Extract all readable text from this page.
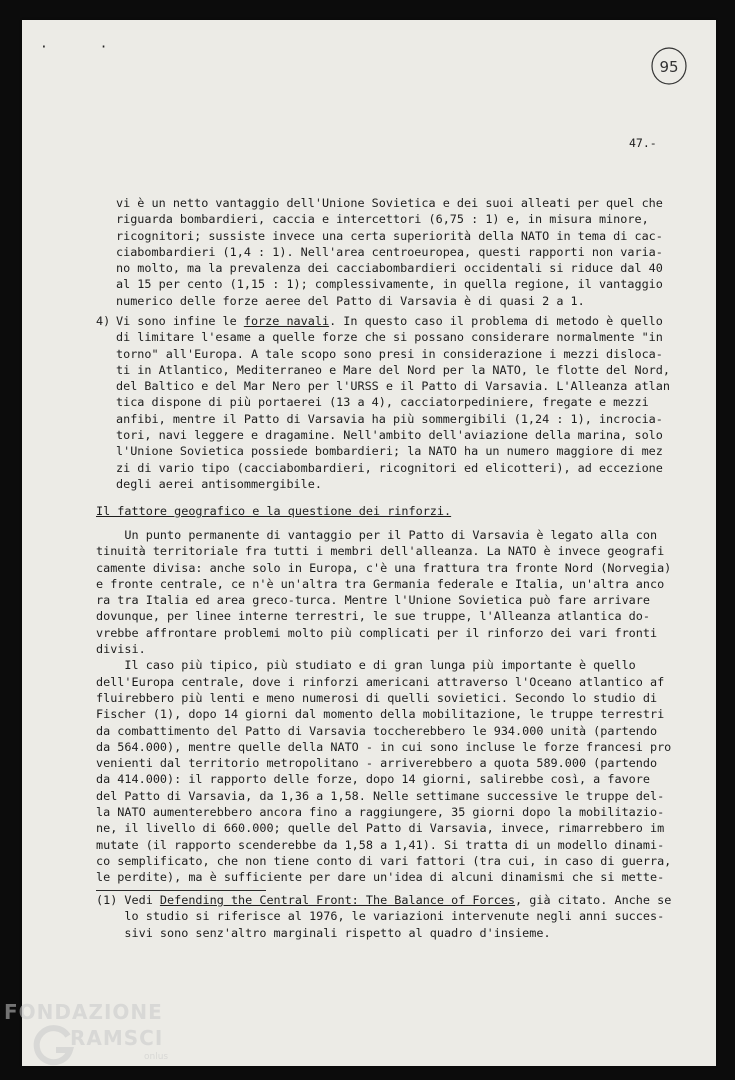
· ·
95
47.-
vi è un netto vantaggio dell'Unione Sovietica e dei suoi alleati per quel che
riguarda bombardieri, caccia e intercettori (6,75 : 1) e, in misura minore,
ricognitori; sussiste invece una certa superiorità della NATO in tema di cac-
ciabombardieri (1,4 : 1). Nell'area centroeuropea, questi rapporti non varia-
no molto, ma la prevalenza dei cacciabombardieri occidentali si riduce dal 40
al 15 per cento (1,15 : 1); complessivamente, in quella regione, il vantaggio
numerico delle forze aeree del Patto di Varsavia è di quasi 2 a 1.
4) Vi sono infine le forze navali. In questo caso il problema di metodo è quello
di limitare l'esame a quelle forze che si possano considerare normalmente "in
torno" all'Europa. A tale scopo sono presi in considerazione i mezzi disloca-
ti in Atlantico, Mediterraneo e Mare del Nord per la NATO, le flotte del Nord,
del Baltico e del Mar Nero per l'URSS e il Patto di Varsavia. L'Alleanza atlan
tica dispone di più portaerei (13 a 4), cacciatorpediniere, fregate e mezzi
anfibi, mentre il Patto di Varsavia ha più sommergibili (1,24 : 1), incrocia-
tori, navi leggere e dragamine. Nell'ambito dell'aviazione della marina, solo
l'Unione Sovietica possiede bombardieri; la NATO ha un numero maggiore di mez
zi di vario tipo (cacciabombardieri, ricognitori ed elicotteri), ad eccezione
degli aerei antisommergibile.
Il fattore geografico e la questione dei rinforzi.
Un punto permanente di vantaggio per il Patto di Varsavia è legato alla con
tinuità territoriale fra tutti i membri dell'alleanza. La NATO è invece geografi
camente divisa: anche solo in Europa, c'è una frattura tra fronte Nord (Norvegia)
e fronte centrale, ce n'è un'altra tra Germania federale e Italia, un'altra anco
ra tra Italia ed area greco-turca. Mentre l'Unione Sovietica può fare arrivare
dovunque, per linee interne terrestri, le sue truppe, l'Alleanza atlantica do-
vrebbe affrontare problemi molto più complicati per il rinforzo dei vari fronti
divisi.
Il caso più tipico, più studiato e di gran lunga più importante è quello
dell'Europa centrale, dove i rinforzi americani attraverso l'Oceano atlantico af
fluirebbero più lenti e meno numerosi di quelli sovietici. Secondo lo studio di
Fischer (1), dopo 14 giorni dal momento della mobilitazione, le truppe terrestri
da combattimento del Patto di Varsavia toccherebbero le 934.000 unità (partendo
da 564.000), mentre quelle della NATO - in cui sono incluse le forze francesi pro
venienti dal territorio metropolitano - arriverebbero a quota 589.000 (partendo
da 414.000): il rapporto delle forze, dopo 14 giorni, salirebbe così, a favore
del Patto di Varsavia, da 1,36 a 1,58. Nelle settimane successive le truppe del-
la NATO aumenterebbero ancora fino a raggiungere, 35 giorni dopo la mobilitazio-
ne, il livello di 660.000; quelle del Patto di Varsavia, invece, rimarrebbero im
mutate (il rapporto scenderebbe da 1,58 a 1,41). Si tratta di un modello dinami-
co semplificato, che non tiene conto di vari fattori (tra cui, in caso di guerra,
le perdite), ma è sufficiente per dare un'idea di alcuni dinamismi che si mette-
(1) Vedi Defending the Central Front: The Balance of Forces, già citato. Anche se
lo studio si riferisce al 1976, le variazioni intervenute negli anni succes-
sivi sono senz'altro marginali rispetto al quadro d'insieme.
FONDAZIONE
RAMSCI
onlus
